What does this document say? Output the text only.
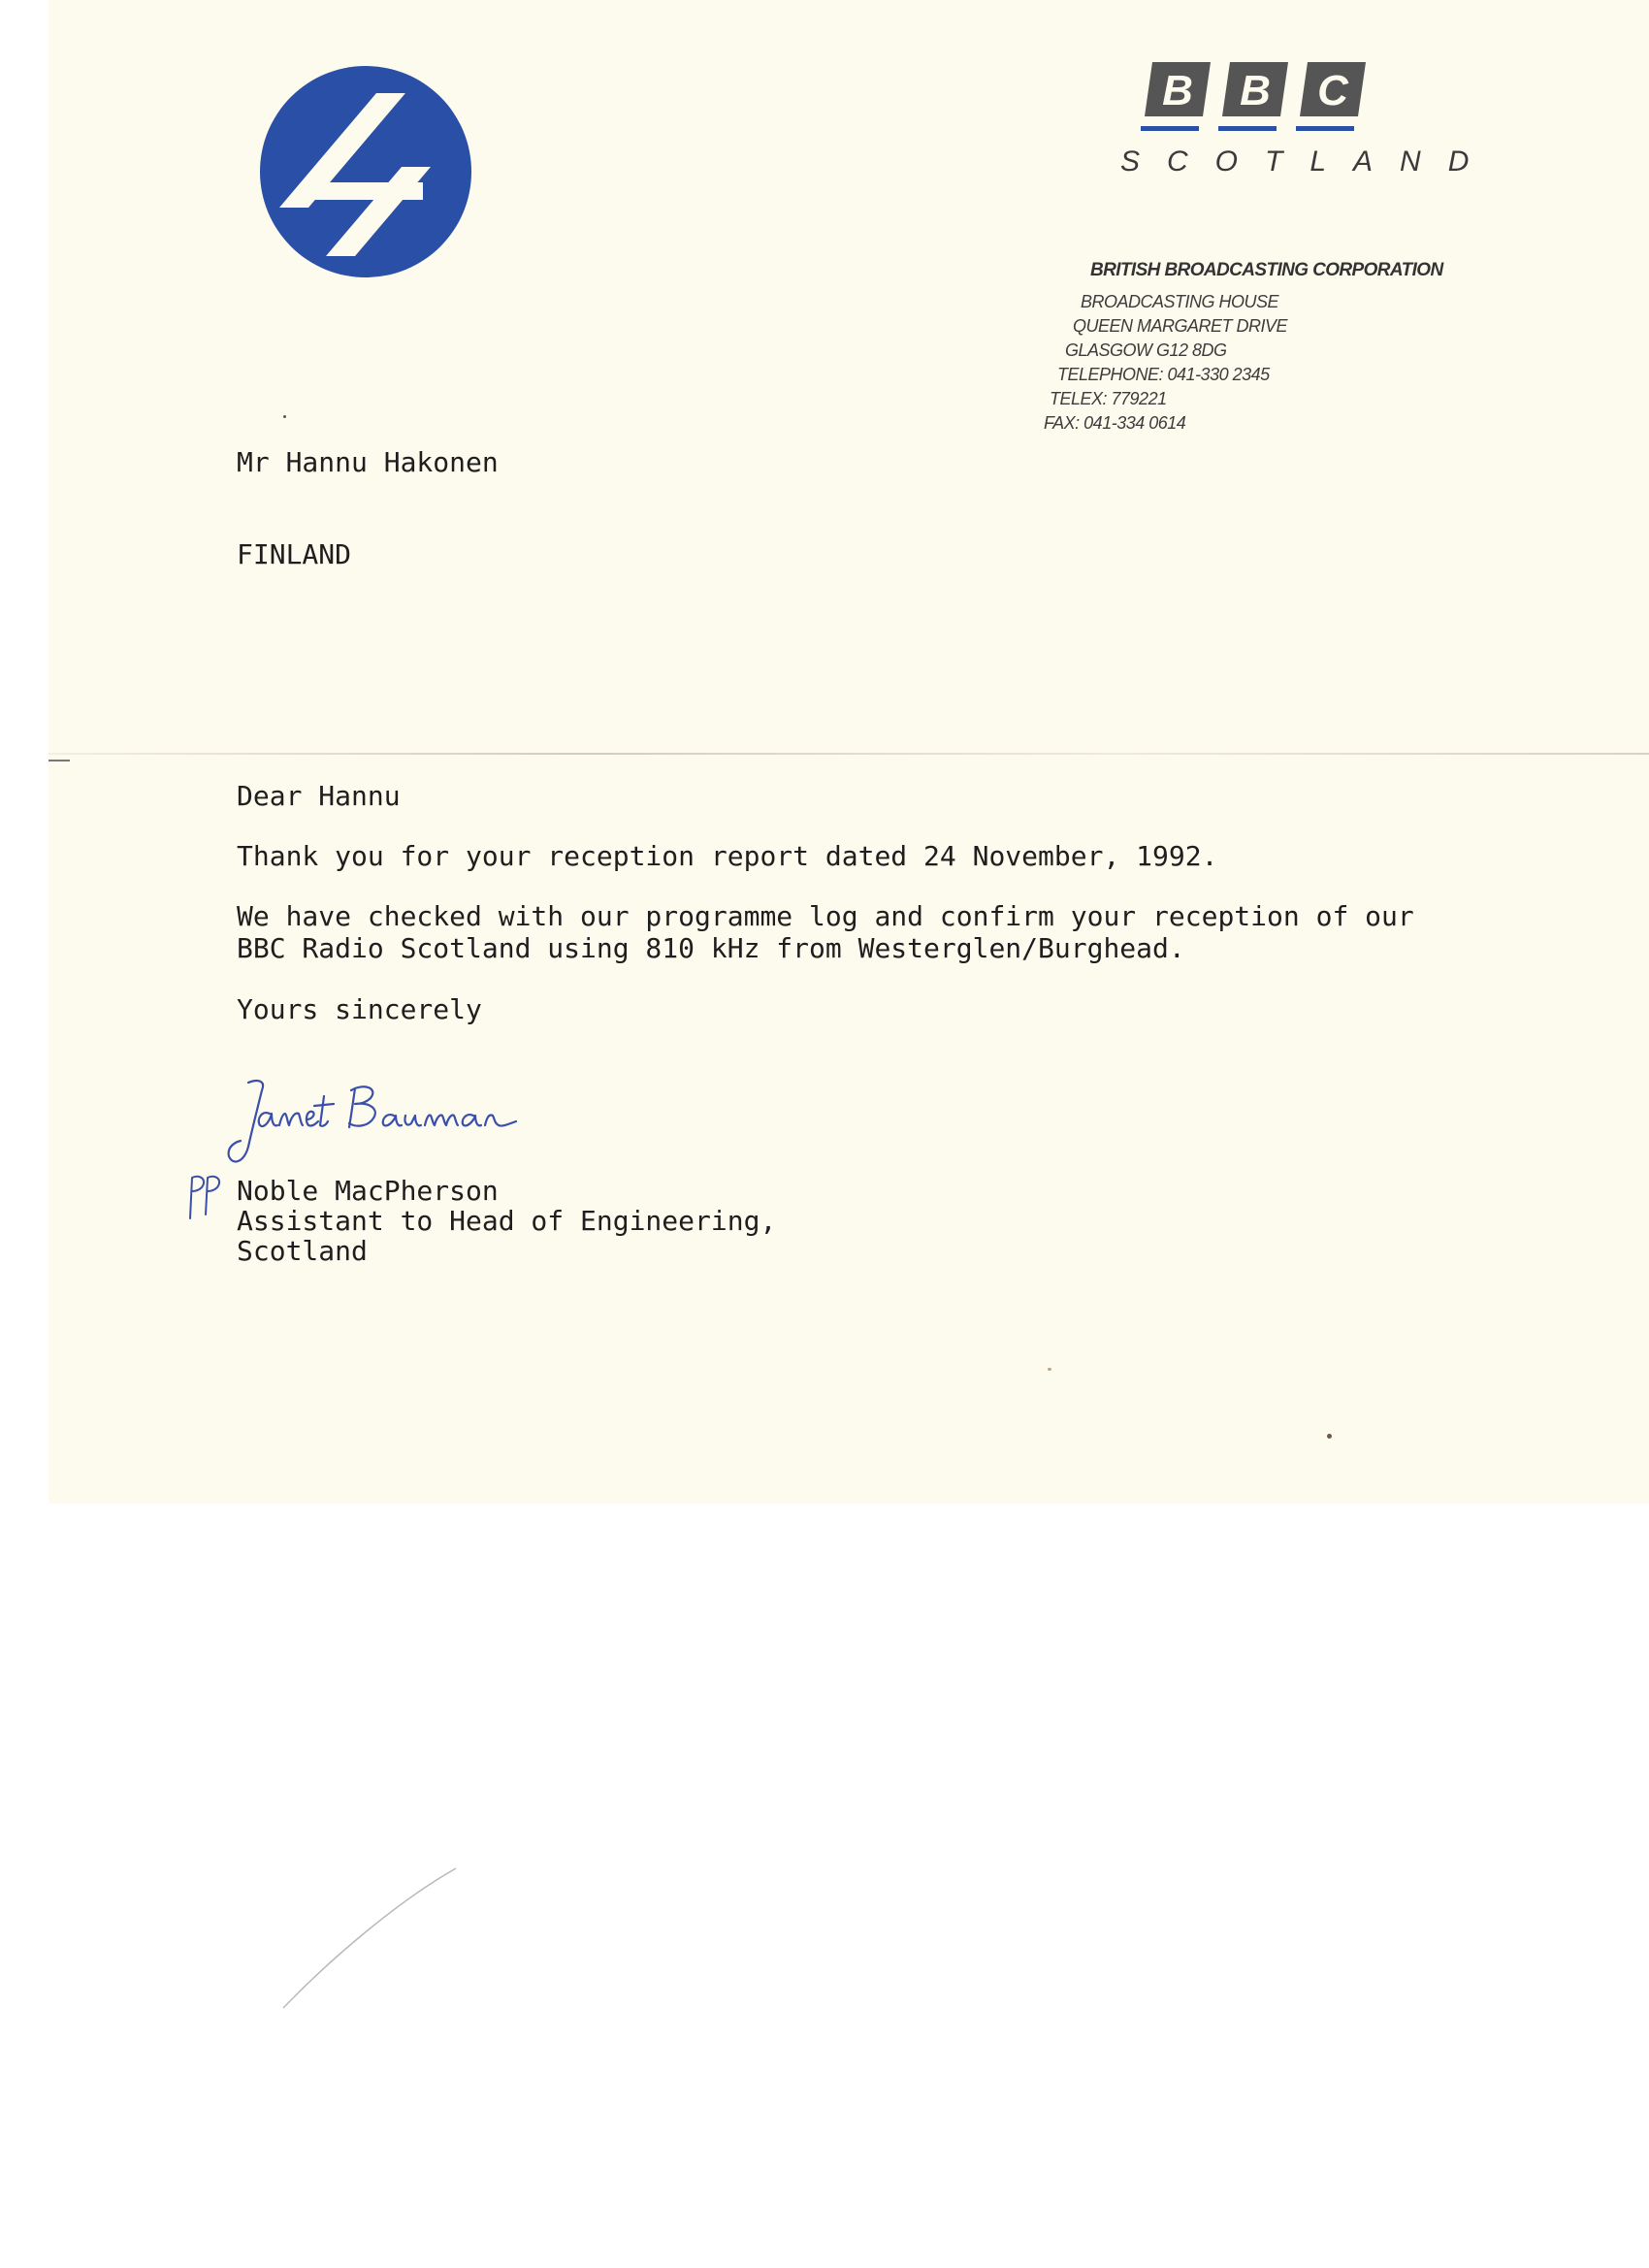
B B C
SCOTLAND
BRITISH BROADCASTING CORPORATION
BROADCASTING HOUSE
QUEEN MARGARET DRIVE
GLASGOW G12 8DG
TELEPHONE: 041-330 2345
TELEX: 779221
FAX: 041-334 0614
Mr Hannu Hakonen
FINLAND
Dear Hannu
Thank you for your reception report dated 24 November, 1992.
We have checked with our programme log and confirm your reception of our
BBC Radio Scotland using 810 kHz from Westerglen/Burghead.
Yours sincerely
Noble MacPherson
Assistant to Head of Engineering,
Scotland
